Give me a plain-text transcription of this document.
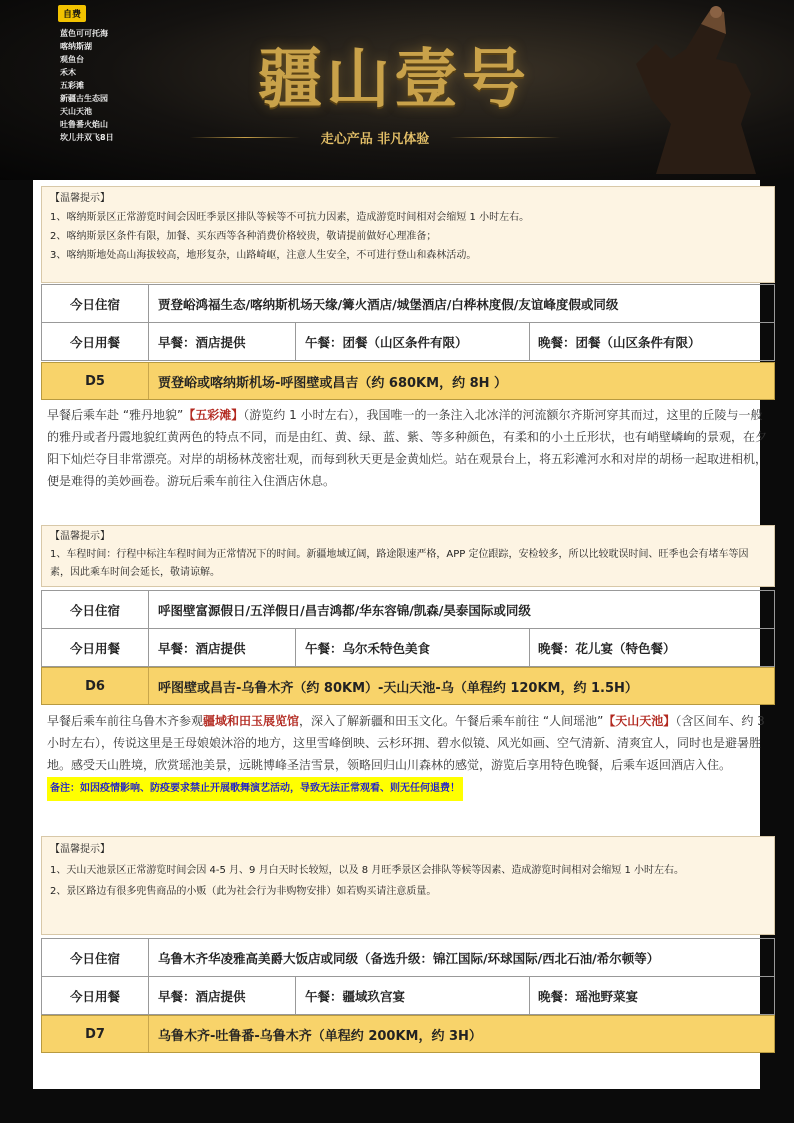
自费
蓝色可可托海
喀纳斯湖
观鱼台
禾木
五彩滩
新疆古生态园
天山天池
吐鲁番火焰山
坎儿井双飞8日
疆山壹号
走心产品 非凡体验
【温馨提示】
1、喀纳斯景区正常游览时间会因旺季景区排队等候等不可抗力因素，造成游览时间相对会缩短 1 小时左右。
2、喀纳斯景区条件有限，加餐、买东西等各种消费价格较贵，敬请提前做好心理准备；
3、喀纳斯地处高山海拔较高，地形复杂，山路崎岖，注意人生安全，不可进行登山和森林活动。
今日住宿	贾登峪鸿福生态/喀纳斯机场天缘/篝火酒店/城堡酒店/白桦林度假/友谊峰度假或同级
今日用餐	早餐：酒店提供	午餐：团餐（山区条件有限）	晚餐：团餐（山区条件有限）
D5	贾登峪或喀纳斯机场-呼图壁或昌吉（约 680KM，约 8H ）
早餐后乘车赴 “雅丹地貌”【五彩滩】（游览约 1 小时左右），我国唯一的一条注入北冰洋的河流额尔齐斯河穿其而过，这里的丘陵与一般的雅丹或者丹霞地貌红黄两色的特点不同，而是由红、黄、绿、蓝、紫、等多种颜色，有柔和的小土丘形状，也有峭壁嶙峋的景观，在夕阳下灿烂夺目非常漂亮。对岸的胡杨林茂密壮观，而每到秋天更是金黄灿烂。站在观景台上，将五彩滩河水和对岸的胡杨一起取进相机，便是难得的美妙画卷。游玩后乘车前往入住酒店休息。
【温馨提示】
1、车程时间：行程中标注车程时间为正常情况下的时间。新疆地域辽阔，路途限速严格，APP 定位跟踪，安检较多，所以比较耽误时间、旺季也会有堵车等因素，因此乘车时间会延长，敬请谅解。
今日住宿	呼图壁富源假日/五洋假日/昌吉鸿都/华东容锦/凯森/昊泰国际或同级
今日用餐	早餐：酒店提供	午餐：乌尔禾特色美食	晚餐：花儿宴（特色餐）
D6	呼图壁或昌吉-乌鲁木齐（约 80KM）-天山天池-乌（单程约 120KM，约 1.5H）
早餐后乘车前往乌鲁木齐参观疆域和田玉展览馆，深入了解新疆和田玉文化。午餐后乘车前往 “人间瑶池”【天山天池】（含区间车、约 3 小时左右），传说这里是王母娘娘沐浴的地方，这里雪峰倒映、云杉环拥、碧水似镜、风光如画、空气清新、清爽宜人，同时也是避暑胜地。感受天山胜境，欣赏瑶池美景，远眺博峰圣洁雪景，领略回归山川森林的感觉，游览后享用特色晚餐，后乘车返回酒店入住。
备注：如因疫情影响、防疫要求禁止开展歌舞演艺活动，导致无法正常观看、则无任何退费！
【温馨提示】
1、天山天池景区正常游览时间会因 4-5 月、9 月白天时长较短，以及 8 月旺季景区会排队等候等因素、造成游览时间相对会缩短 1 小时左右。
2、景区路边有很多兜售商品的小贩（此为社会行为非购物安排）如若购买请注意质量。
今日住宿	乌鲁木齐华凌雅高美爵大饭店或同级（备选升级：锦江国际/环球国际/西北石油/希尔顿等）
今日用餐	早餐：酒店提供	午餐：疆域玖宫宴	晚餐：瑶池野菜宴
D7	乌鲁木齐-吐鲁番-乌鲁木齐（单程约 200KM，约 3H）
